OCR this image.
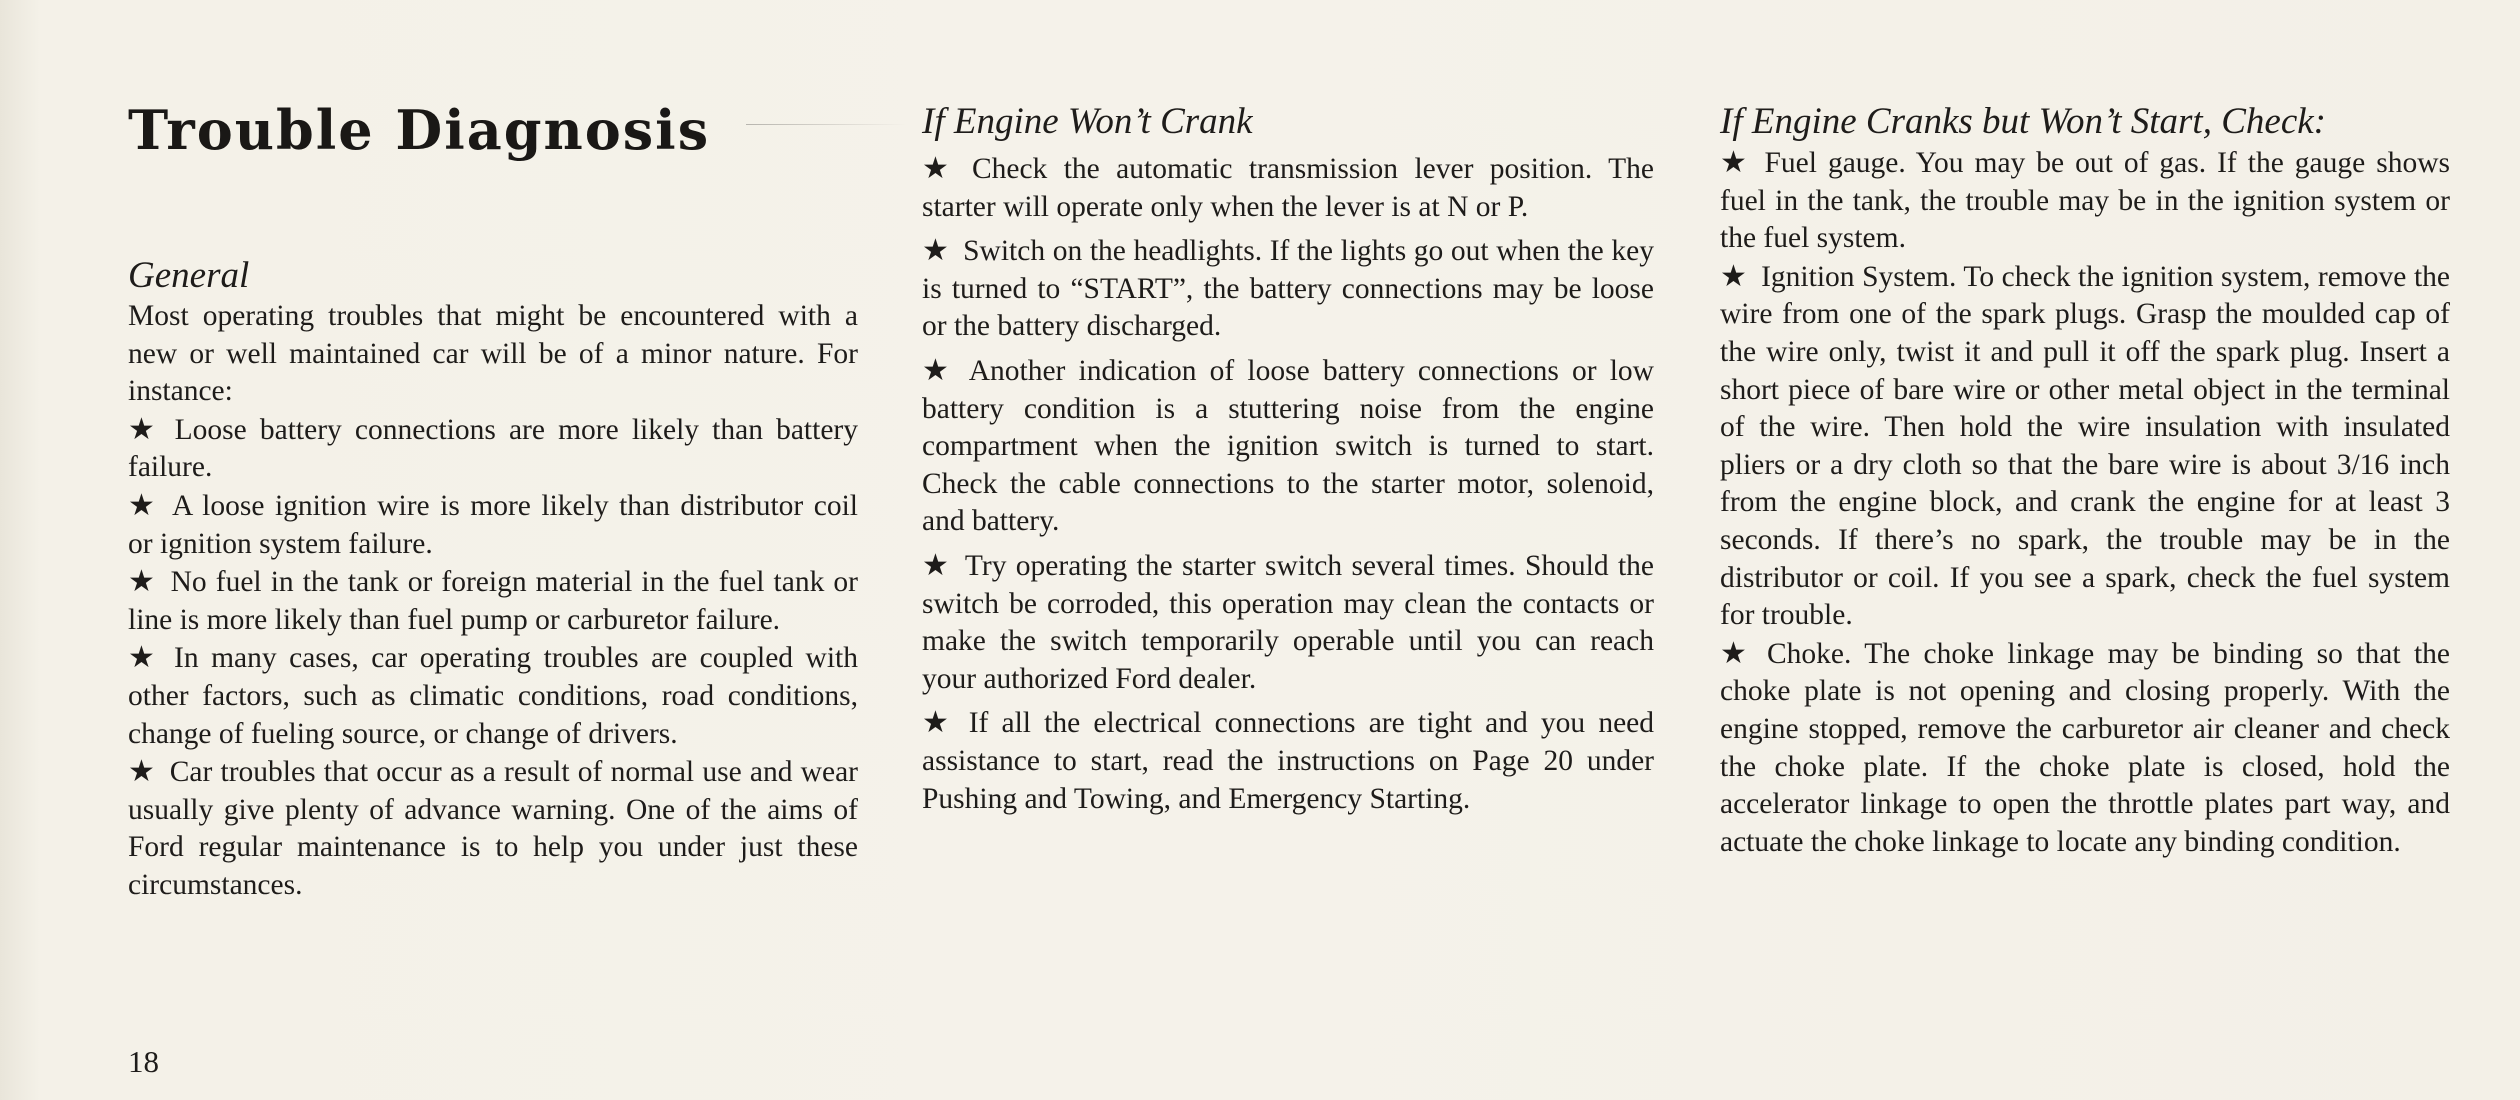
Trouble Diagnosis
General

Most operating troubles that might be encountered with a new or well maintained car will be of a minor nature. For instance:

★ Loose battery connections are more likely than battery failure.

★ A loose ignition wire is more likely than distributor coil or ignition system failure.

★ No fuel in the tank or foreign material in the fuel tank or line is more likely than fuel pump or carburetor failure.

★ In many cases, car operating troubles are coupled with other factors, such as climatic conditions, road conditions, change of fueling source, or change of drivers.

★ Car troubles that occur as a result of normal use and wear usually give plenty of advance warning. One of the aims of Ford regular maintenance is to help you under just these circumstances.

If Engine Won’t Crank

★ Check the automatic transmission lever position. The starter will operate only when the lever is at N or P.

★ Switch on the headlights. If the lights go out when the key is turned to “START”, the battery connections may be loose or the battery discharged.

★ Another indication of loose battery connections or low battery condition is a stuttering noise from the engine compartment when the ignition switch is turned to start. Check the cable connections to the starter motor, solenoid, and battery.

★ Try operating the starter switch several times. Should the switch be corroded, this operation may clean the contacts or make the switch temporarily operable until you can reach your authorized Ford dealer.

★ If all the electrical connections are tight and you need assistance to start, read the instructions on Page 20 under Pushing and Towing, and Emergency Starting.

If Engine Cranks but Won’t Start, Check:

★ Fuel gauge. You may be out of gas. If the gauge shows fuel in the tank, the trouble may be in the ignition system or the fuel system.

★ Ignition System. To check the ignition system, remove the wire from one of the spark plugs. Grasp the moulded cap of the wire only, twist it and pull it off the spark plug. Insert a short piece of bare wire or other metal object in the terminal of the wire. Then hold the wire insulation with insulated pliers or a dry cloth so that the bare wire is about 3/16 inch from the engine block, and crank the engine for at least 3 seconds. If there’s no spark, the trouble may be in the distributor or coil. If you see a spark, check the fuel system for trouble.

★ Choke. The choke linkage may be binding so that the choke plate is not opening and closing properly. With the engine stopped, remove the carburetor air cleaner and check the choke plate. If the choke plate is closed, hold the accelerator linkage to open the throttle plates part way, and actuate the choke linkage to locate any binding condition.

18
